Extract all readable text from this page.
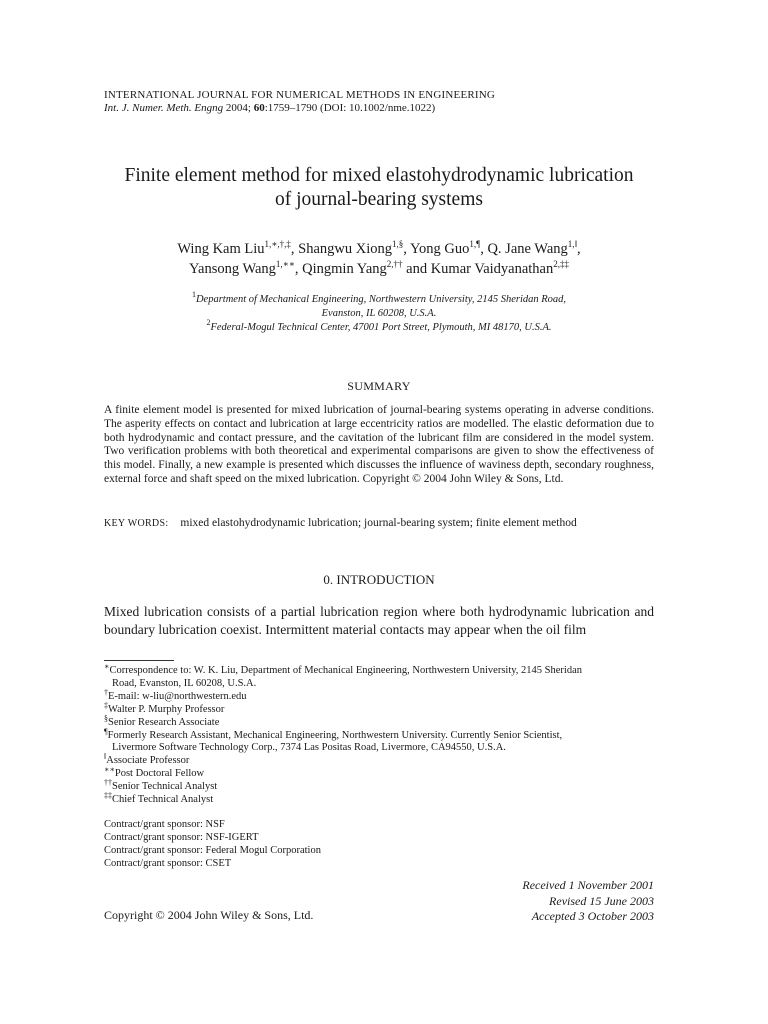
INTERNATIONAL JOURNAL FOR NUMERICAL METHODS IN ENGINEERING
Int. J. Numer. Meth. Engng 2004; 60:1759–1790 (DOI: 10.1002/nme.1022)
Finite element method for mixed elastohydrodynamic lubrication
of journal-bearing systems
Wing Kam Liu$^{1,∗,\dagger,\ddagger}$, Shangwu Xiong$^{1,\S}$, Yong Guo$^{1,\P}$, Q. Jane Wang$^{1,‖}$,
Yansong Wang$^{1,∗∗}$, Qingmin Yang$^{2,\dagger\dagger}$ and Kumar Vaidyanathan$^{2,\ddagger\ddagger}$
$^1$Department of Mechanical Engineering, Northwestern University, 2145 Sheridan Road,
Evanston, IL 60208, U.S.A.
$^2$Federal-Mogul Technical Center, 47001 Port Street, Plymouth, MI 48170, U.S.A.
SUMMARY
A finite element model is presented for mixed lubrication of journal-bearing systems operating in adverse conditions. The asperity effects on contact and lubrication at large eccentricity ratios are modelled. The elastic deformation due to both hydrodynamic and contact pressure, and the cavitation of the lubricant film are considered in the model system. Two verification problems with both theoretical and experimental comparisons are given to show the effectiveness of this model. Finally, a new example is presented which discusses the influence of waviness depth, secondary roughness, external force and shaft speed on the mixed lubrication. Copyright © 2004 John Wiley & Sons, Ltd.
KEY WORDS: mixed elastohydrodynamic lubrication; journal-bearing system; finite element method
0. INTRODUCTION
Mixed lubrication consists of a partial lubrication region where both hydrodynamic lubrication and boundary lubrication coexist. Intermittent material contacts may appear when the oil film
∗Correspondence to: W. K. Liu, Department of Mechanical Engineering, Northwestern University, 2145 Sheridan
Road, Evanston, IL 60208, U.S.A.
†E-mail: w-liu@northwestern.edu
‡Walter P. Murphy Professor
§Senior Research Associate
¶Formerly Research Assistant, Mechanical Engineering, Northwestern University. Currently Senior Scientist,
Livermore Software Technology Corp., 7374 Las Positas Road, Livermore, CA94550, U.S.A.
‖Associate Professor
∗∗Post Doctoral Fellow
††Senior Technical Analyst
‡‡Chief Technical Analyst
Contract/grant sponsor: NSF
Contract/grant sponsor: NSF-IGERT
Contract/grant sponsor: Federal Mogul Corporation
Contract/grant sponsor: CSET
Received 1 November 2001
Revised 15 June 2003
Accepted 3 October 2003
Copyright © 2004 John Wiley & Sons, Ltd.
